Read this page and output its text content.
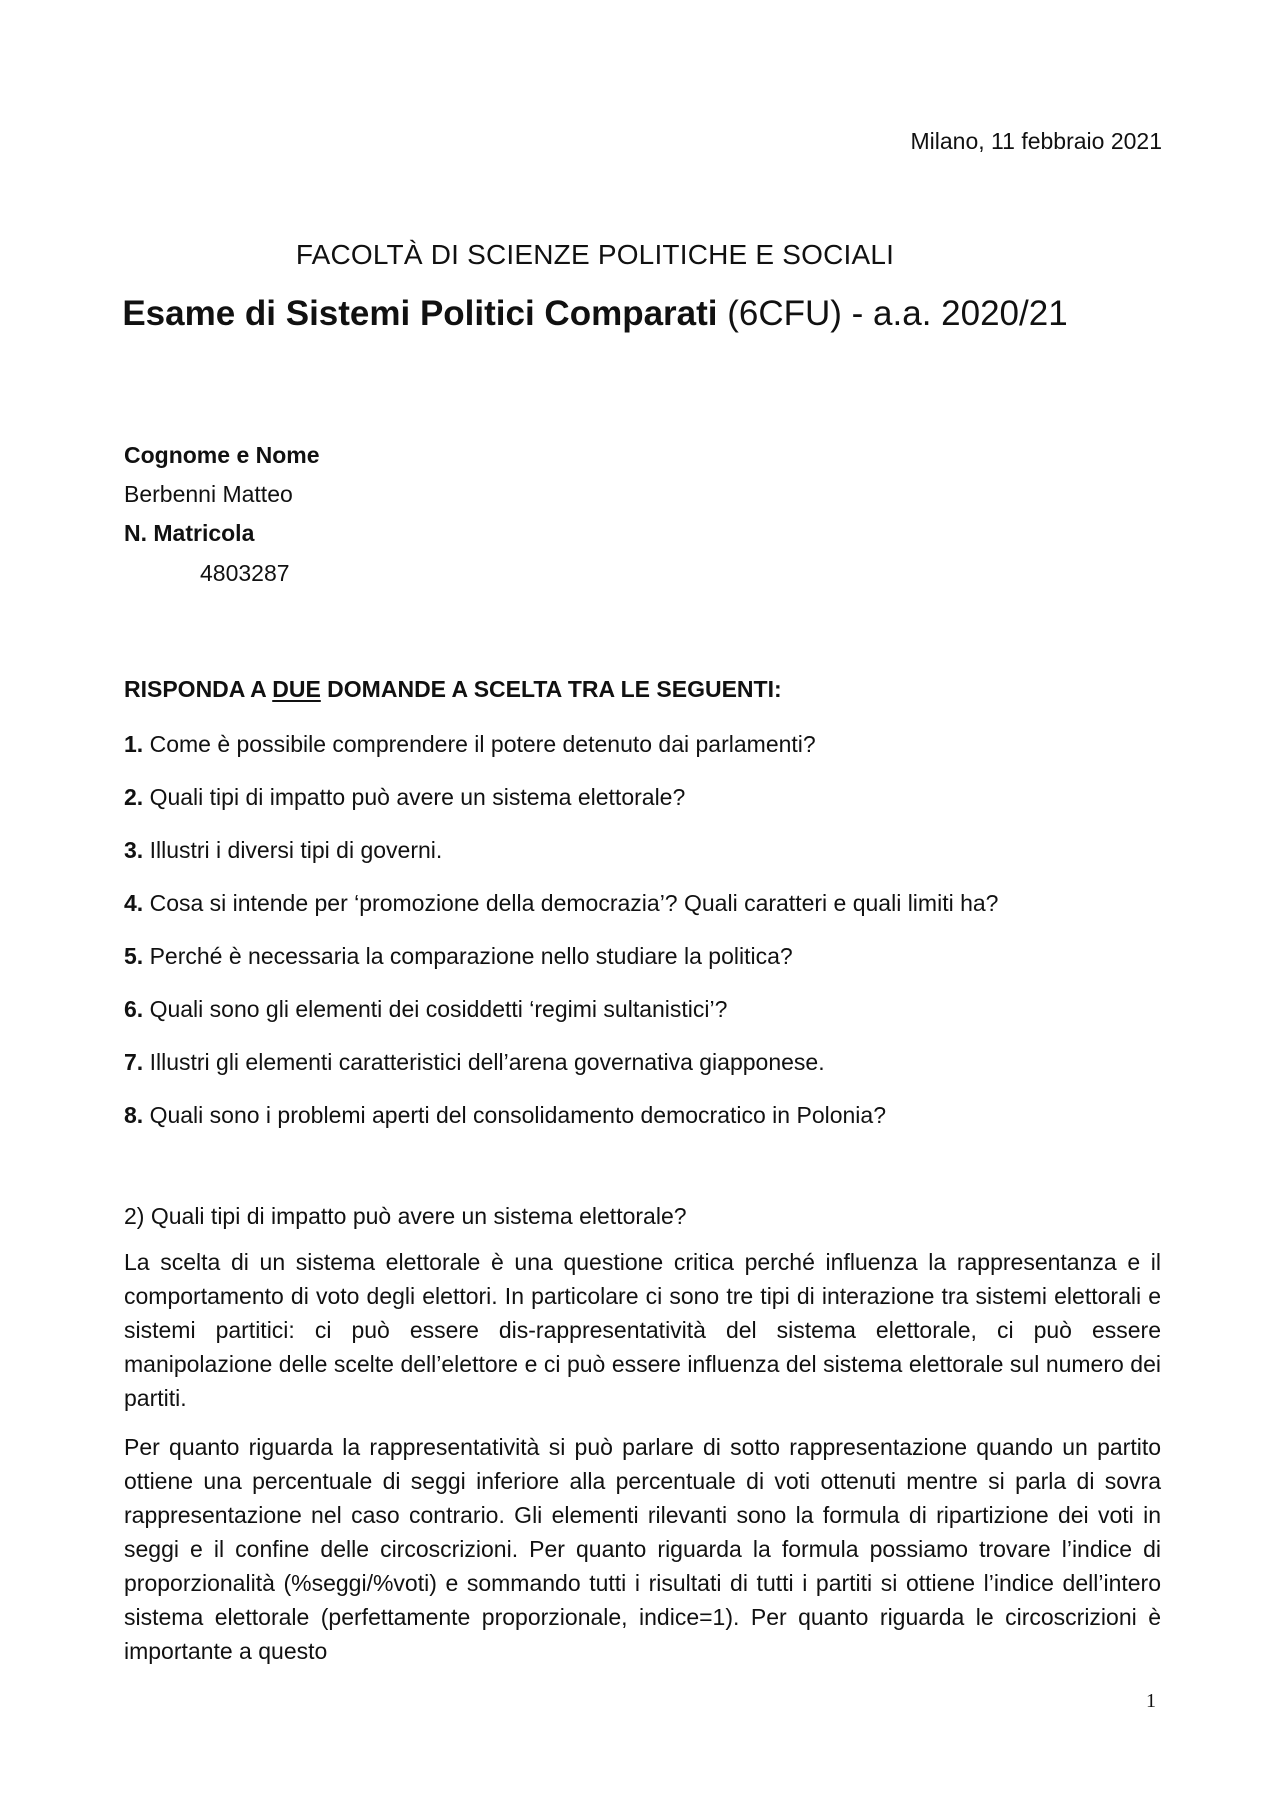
Milano, 11 febbraio 2021
FACOLTÀ DI SCIENZE POLITICHE E SOCIALI
Esame di Sistemi Politici Comparati (6CFU) - a.a. 2020/21
Cognome e Nome
Berbenni Matteo
N. Matricola
4803287
RISPONDA A DUE DOMANDE A SCELTA TRA LE SEGUENTI:
1. Come è possibile comprendere il potere detenuto dai parlamenti?
2. Quali tipi di impatto può avere un sistema elettorale?
3. Illustri i diversi tipi di governi.
4. Cosa si intende per ‘promozione della democrazia’? Quali caratteri e quali limiti ha?
5. Perché è necessaria la comparazione nello studiare la politica?
6. Quali sono gli elementi dei cosiddetti ‘regimi sultanistici’?
7. Illustri gli elementi caratteristici dell’arena governativa giapponese.
8. Quali sono i problemi aperti del consolidamento democratico in Polonia?
2) Quali tipi di impatto può avere un sistema elettorale?

La scelta di un sistema elettorale è una questione critica perché influenza la rappresentanza e il comportamento di voto degli elettori. In particolare ci sono tre tipi di interazione tra sistemi elettorali e sistemi partitici: ci può essere dis-rappresentatività del sistema elettorale, ci può essere manipolazione delle scelte dell’elettore e ci può essere influenza del sistema elettorale sul numero dei partiti.

Per quanto riguarda la rappresentatività si può parlare di sotto rappresentazione quando un partito ottiene una percentuale di seggi inferiore alla percentuale di voti ottenuti mentre si parla di sovra rappresentazione nel caso contrario. Gli elementi rilevanti sono la formula di ripartizione dei voti in seggi e il confine delle circoscrizioni. Per quanto riguarda la formula possiamo trovare l’indice di proporzionalità (%seggi/%voti) e sommando tutti i risultati di tutti i partiti si ottiene l’indice dell’intero sistema elettorale (perfettamente proporzionale, indice=1). Per quanto riguarda le circoscrizioni è importante a questo

1
